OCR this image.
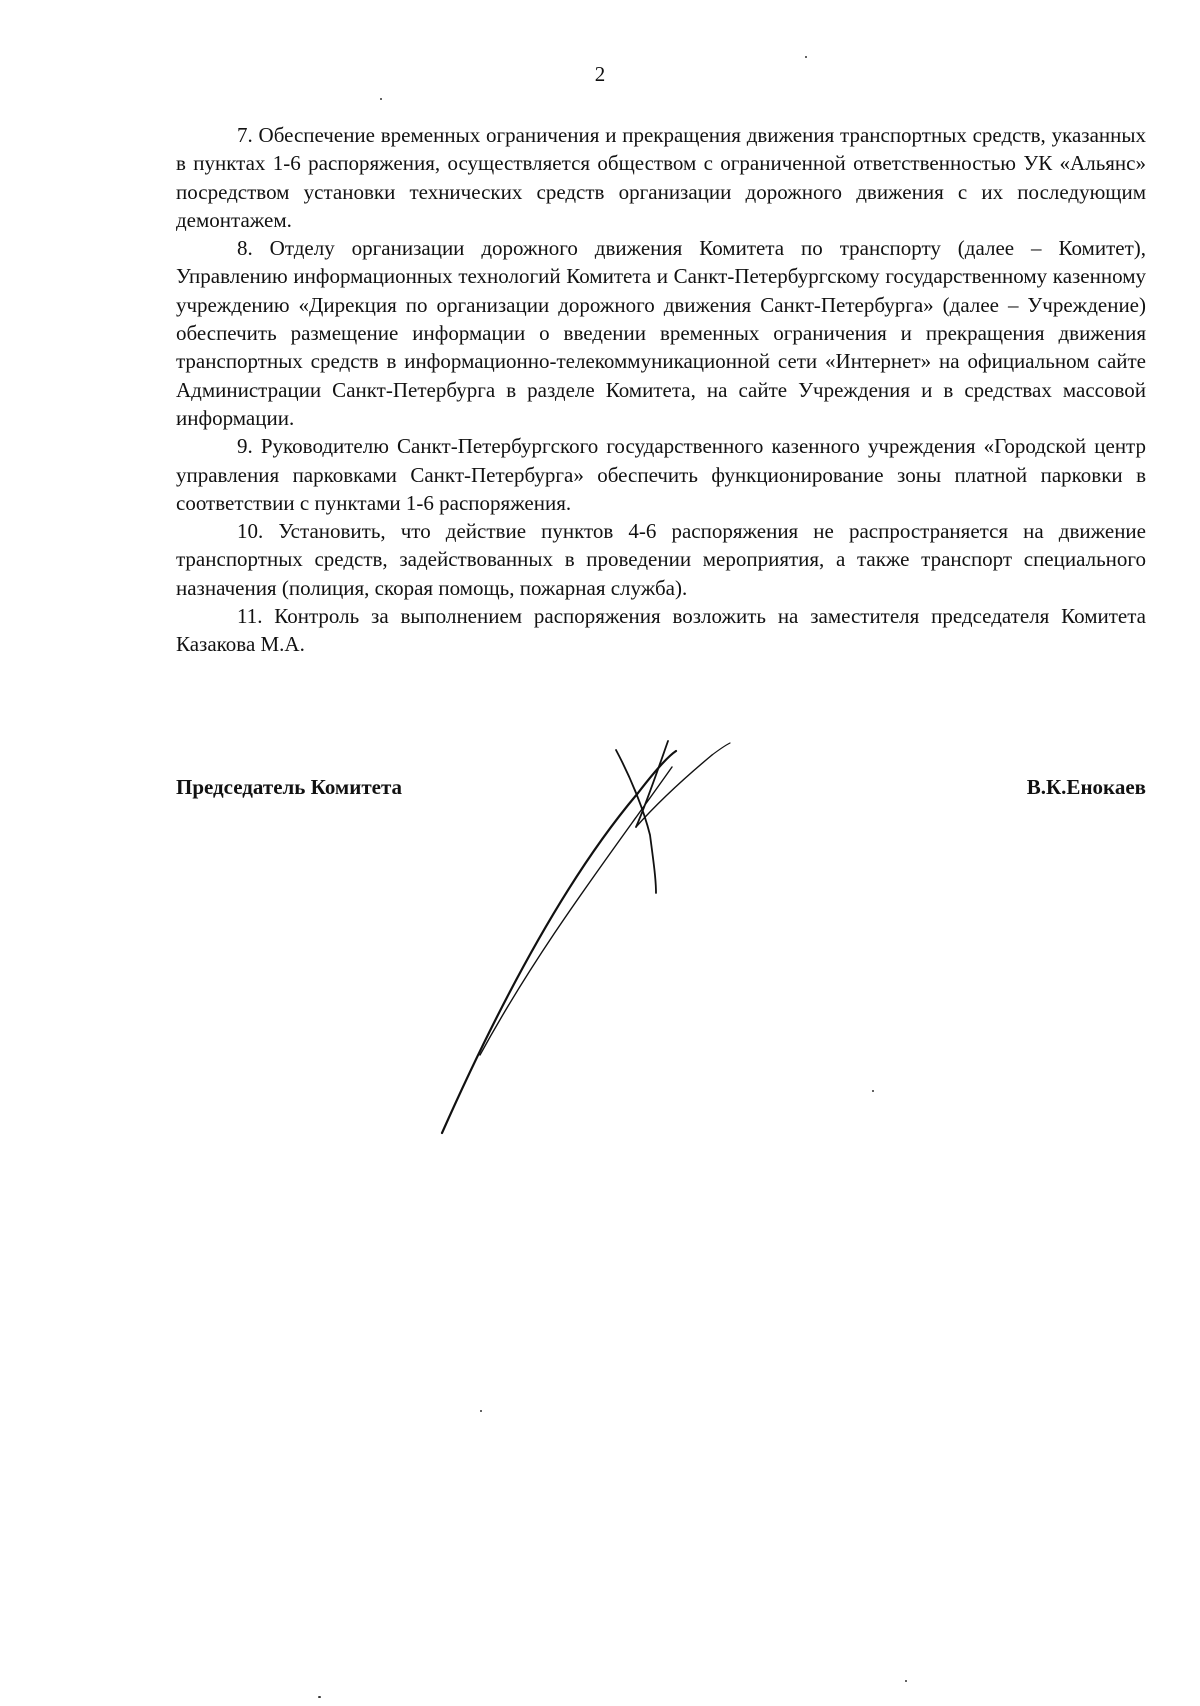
2

7. Обеспечение временных ограничения и прекращения движения транспортных средств, указанных в пунктах 1-6 распоряжения, осуществляется обществом с ограниченной ответственностью УК «Альянс» посредством установки технических средств организации дорожного движения с их последующим демонтажем.

8. Отделу организации дорожного движения Комитета по транспорту (далее – Комитет), Управлению информационных технологий Комитета и Санкт-Петербургскому государственному казенному учреждению «Дирекция по организации дорожного движения Санкт-Петербурга» (далее – Учреждение) обеспечить размещение информации о введении временных ограничения и прекращения движения транспортных средств в информационно-телекоммуникационной сети «Интернет» на официальном сайте Администрации Санкт-Петербурга в разделе Комитета, на сайте Учреждения и в средствах массовой информации.

9. Руководителю Санкт-Петербургского государственного казенного учреждения «Городской центр управления парковками Санкт-Петербурга» обеспечить функционирование зоны платной парковки в соответствии с пунктами 1-6 распоряжения.

10. Установить, что действие пунктов 4-6 распоряжения не распространяется на движение транспортных средств, задействованных в проведении мероприятия, а также транспорт специального назначения (полиция, скорая помощь, пожарная служба).

11. Контроль за выполнением распоряжения возложить на заместителя председателя Комитета Казакова М.А.

Председатель Комитета	В.К.Енокаев
